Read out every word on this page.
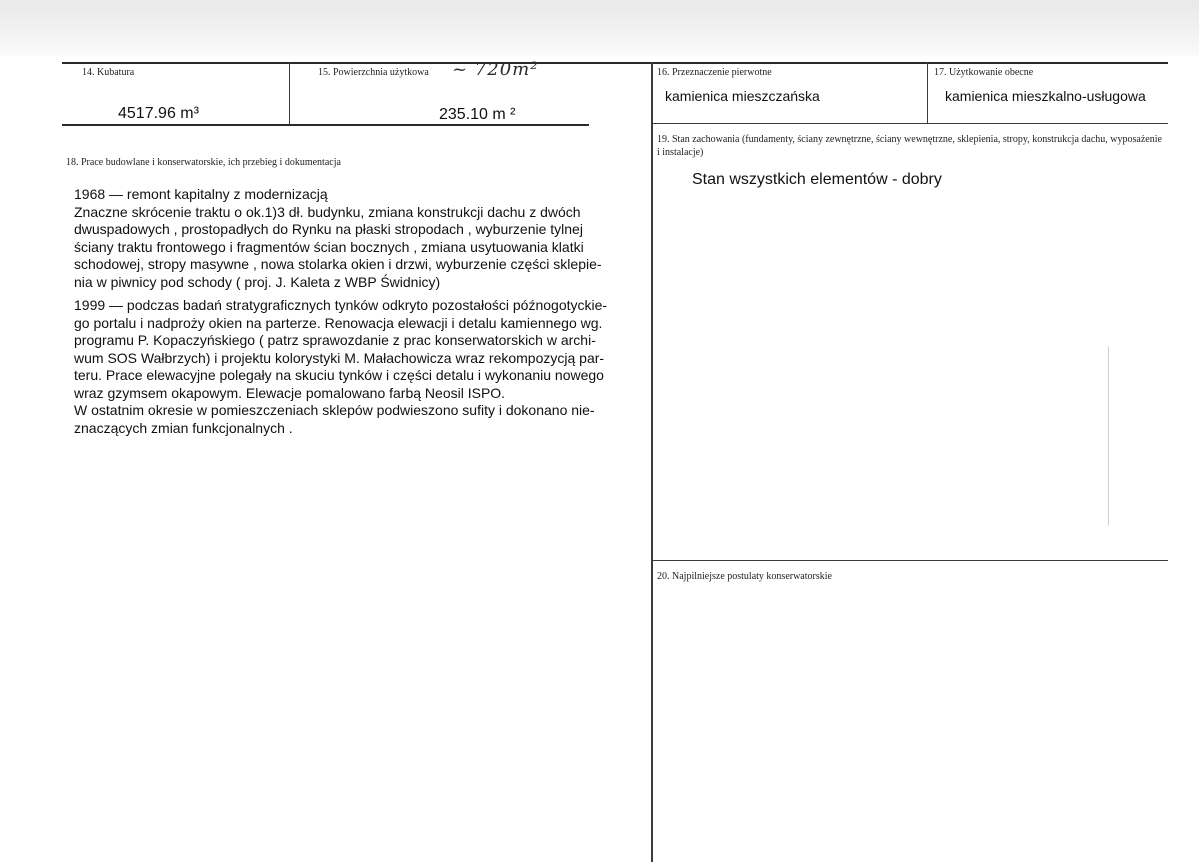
14. Kubatura
4517.96 m³
15. Powierzchnia użytkowa ~ 720m²
235.10 m ²
16. Przeznaczenie pierwotne
kamienica mieszczańska
17. Użytkowanie obecne
kamienica mieszkalno-usługowa
18. Prace budowlane i konserwatorskie, ich przebieg i dokumentacja
1968 — remont kapitalny z modernizacją
Znaczne skrócenie traktu o ok.1)3 dł. budynku, zmiana konstrukcji dachu z dwóch
dwuspadowych , prostopadłych do Rynku na płaski stropodach , wyburzenie tylnej
ściany traktu frontowego i fragmentów ścian bocznych , zmiana usytuowania klatki
schodowej, stropy masywne , nowa stolarka okien i drzwi, wyburzenie części sklepie-
nia w piwnicy pod schody ( proj. J. Kaleta z WBP Świdnicy)
1999 — podczas badań stratygraficznych tynków odkryto pozostałości późnogotyckie-
go portalu i nadproży okien na parterze. Renowacja elewacji i detalu kamiennego wg.
programu P. Kopaczyńskiego ( patrz sprawozdanie z prac konserwatorskich w archi-
wum SOS Wałbrzych) i projektu kolorystyki M. Małachowicza wraz rekompozycją par-
teru. Prace elewacyjne polegały na skuciu tynków i części detalu i wykonaniu nowego
wraz gzymsem okapowym. Elewacje pomalowano farbą Neosil ISPO.
W ostatnim okresie w pomieszczeniach sklepów podwieszono sufity i dokonano nie-
znaczących zmian funkcjonalnych .
19. Stan zachowania (fundamenty, ściany zewnętrzne, ściany wewnętrzne, sklepienia, stropy, konstrukcja dachu, wyposażenie i instalacje)
Stan wszystkich elementów - dobry
20. Najpilniejsze postulaty konserwatorskie
